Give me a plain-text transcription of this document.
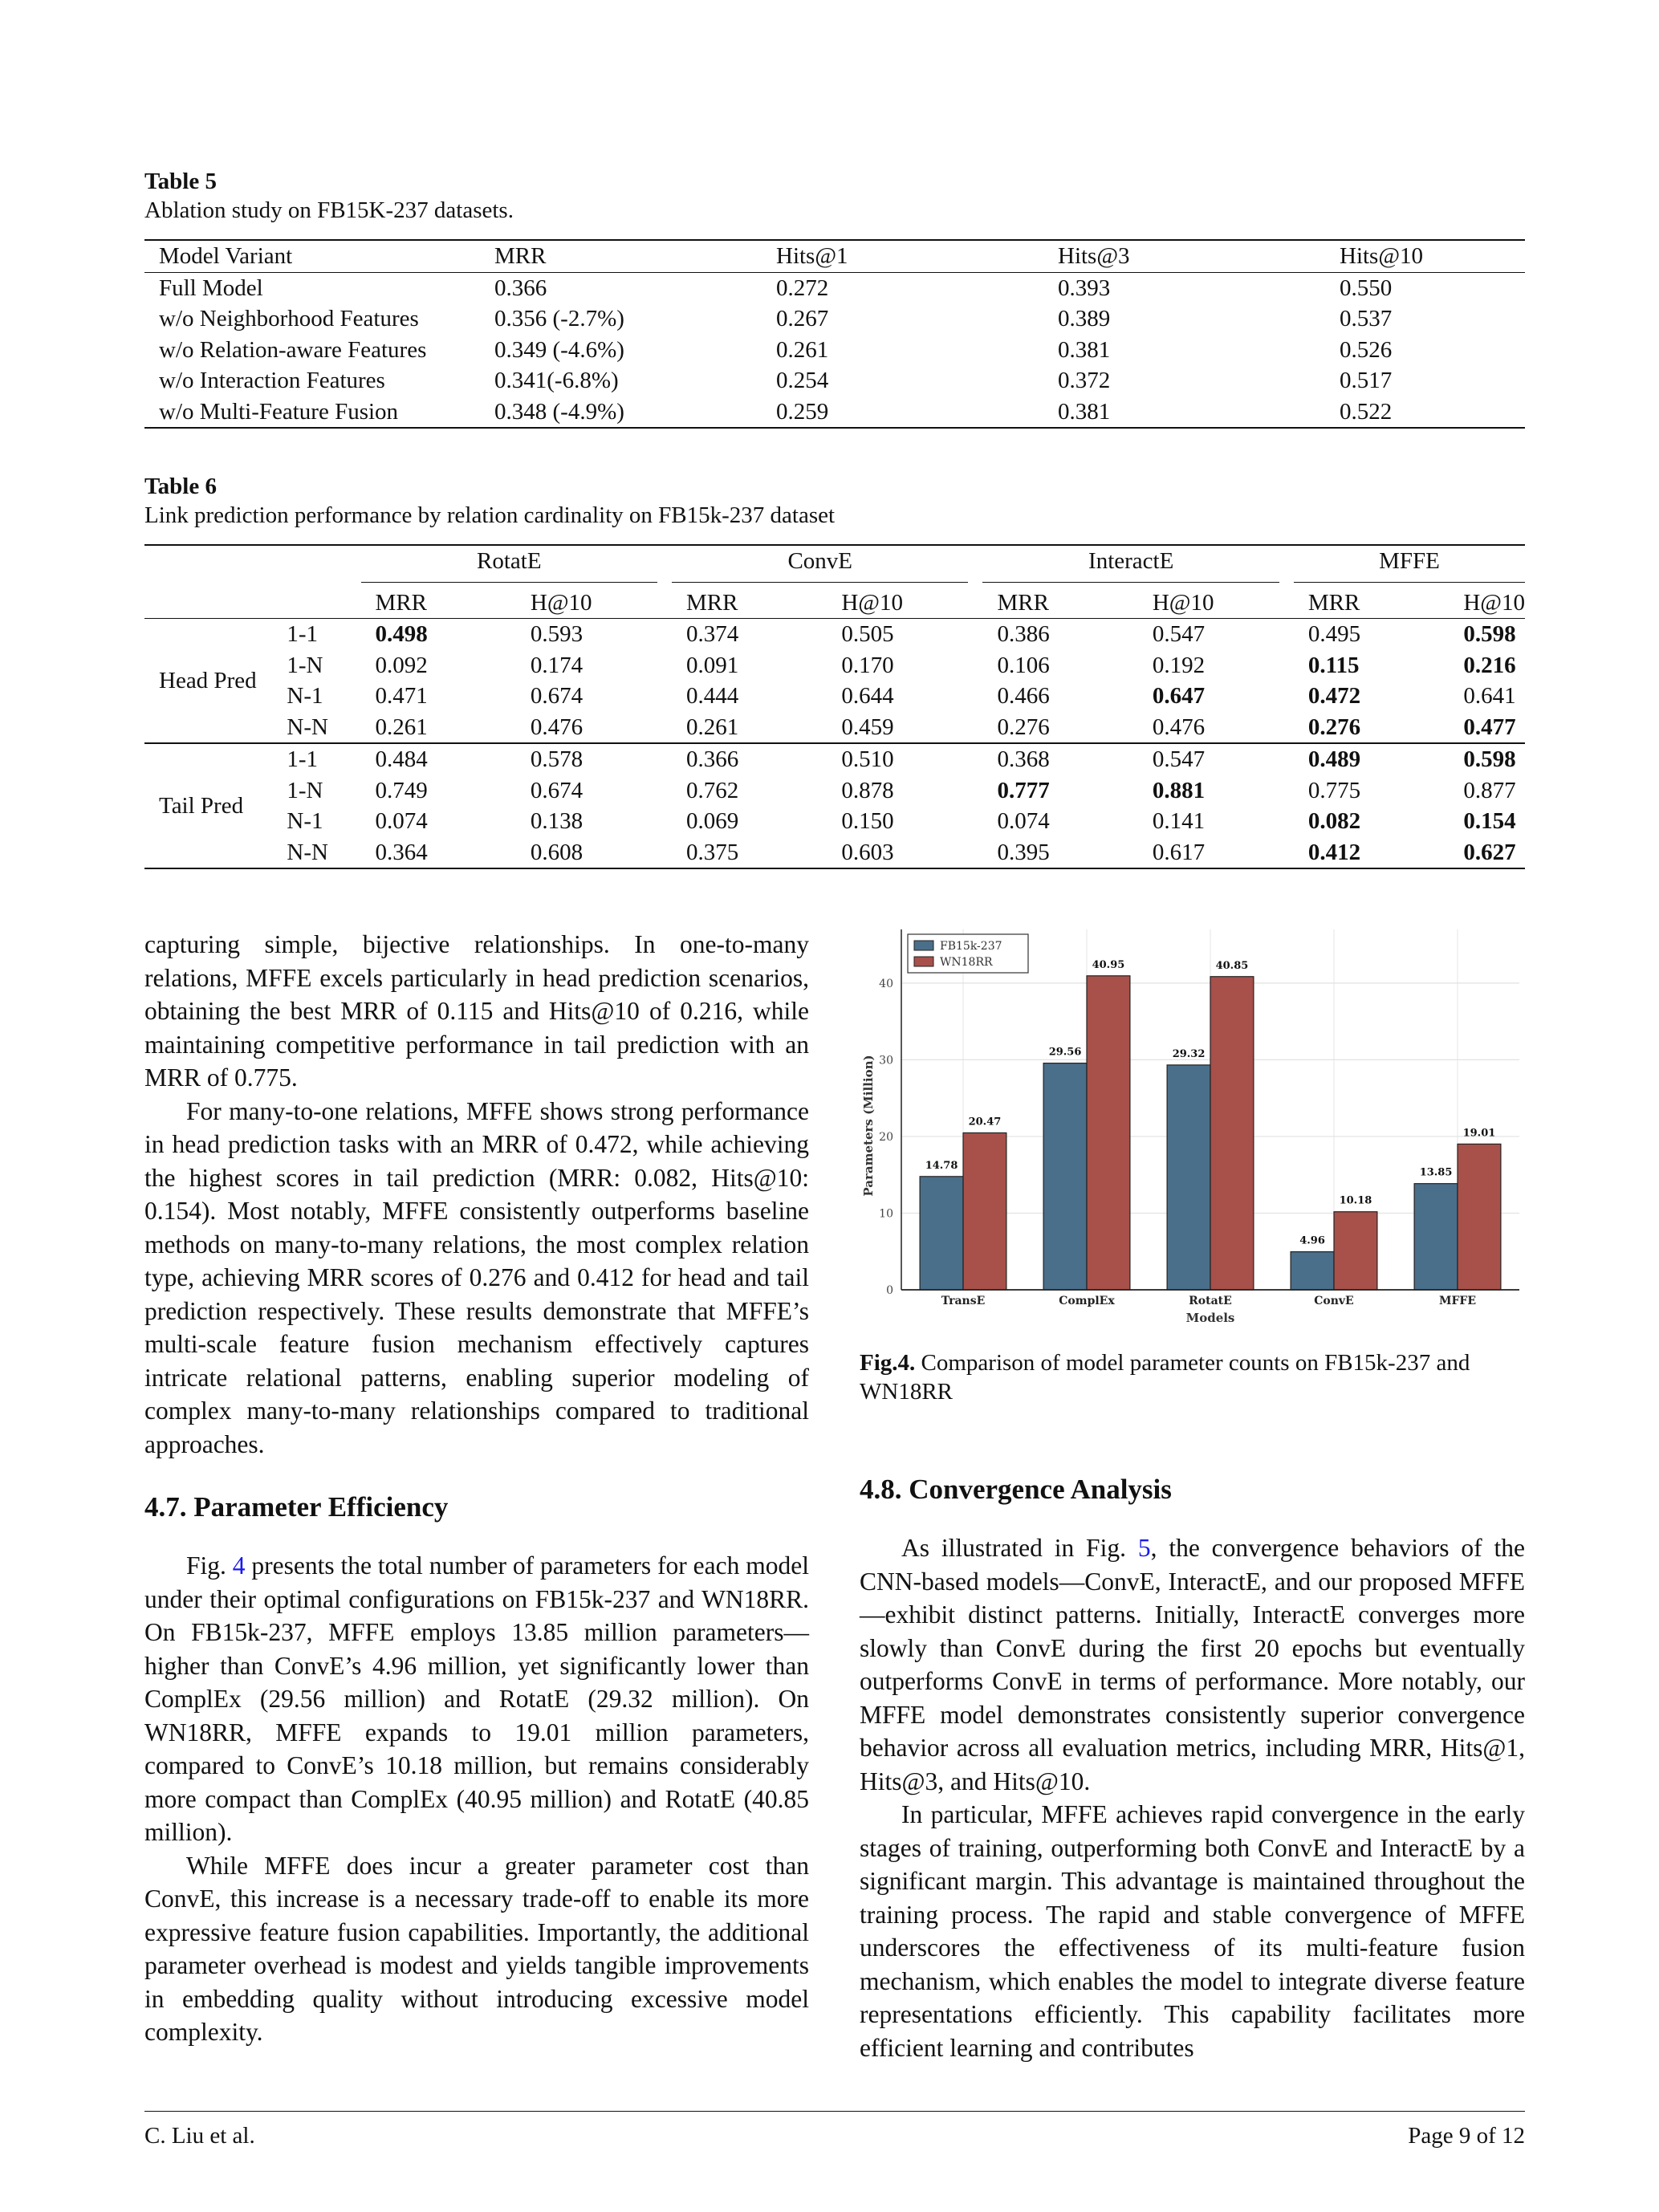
Table 5
Ablation study on FB15K-237 datasets.
Model Variant	MRR	Hits@1	Hits@3	Hits@10
Full Model	0.366	0.272	0.393	0.550
w/o Neighborhood Features	0.356 (-2.7%)	0.267	0.389	0.537
w/o Relation-aware Features	0.349 (-4.6%)	0.261	0.381	0.526
w/o Interaction Features	0.341(-6.8%)	0.254	0.372	0.517
w/o Multi-Feature Fusion	0.348 (-4.9%)	0.259	0.381	0.522
Table 6
Link prediction performance by relation cardinality on FB15k-237 dataset

		RotatE		ConvE		InteractE		MFFE	

		MRR	H@10	MRR	H@10	MRR	H@10	MRR	H@10
Head Pred	1-1	0.498	0.593	0.374	0.505	0.386	0.547	0.495	0.598
	1-N	0.092	0.174	0.091	0.170	0.106	0.192	0.115	0.216
	N-1	0.471	0.674	0.444	0.644	0.466	0.647	0.472	0.641
	N-N	0.261	0.476	0.261	0.459	0.276	0.476	0.276	0.477
Tail Pred	1-1	0.484	0.578	0.366	0.510	0.368	0.547	0.489	0.598
	1-N	0.749	0.674	0.762	0.878	0.777	0.881	0.775	0.877
	N-1	0.074	0.138	0.069	0.150	0.074	0.141	0.082	0.154
	N-N	0.364	0.608	0.375	0.603	0.395	0.617	0.412	0.627

capturing simple, bijective relationships. In one-to-many relations, MFFE excels particularly in head prediction scenarios, obtaining the best MRR of 0.115 and Hits@10 of 0.216, while maintaining competitive performance in tail prediction with an MRR of 0.775.

For many-to-one relations, MFFE shows strong performance in head prediction tasks with an MRR of 0.472, while achieving the highest scores in tail prediction (MRR: 0.082, Hits@10: 0.154). Most notably, MFFE consistently outperforms baseline methods on many-to-many relations, the most complex relation type, achieving MRR scores of 0.276 and 0.412 for head and tail prediction respectively. These results demonstrate that MFFE’s multi-scale feature fusion mechanism effectively captures intricate relational patterns, enabling superior modeling of complex many-to-many relationships compared to traditional approaches.

4.7. Parameter Efficiency

Fig. 4 presents the total number of parameters for each model under their optimal configurations on FB15k-237 and WN18RR. On FB15k-237, MFFE employs 13.85 million parameters—higher than ConvE’s 4.96 million, yet significantly lower than ComplEx (29.56 million) and RotatE (29.32 million). On WN18RR, MFFE expands to 19.01 million parameters, compared to ConvE’s 10.18 million, but remains considerably more compact than ComplEx (40.95 million) and RotatE (40.85 million).

While MFFE does incur a greater parameter cost than ConvE, this increase is a necessary trade-off to enable its more expressive feature fusion capabilities. Importantly, the additional parameter overhead is modest and yields tangible improvements in embedding quality without introducing excessive model complexity.

0
10
20
30
40
14.78
20.47
TransE
29.56
40.95
ComplEx
29.32
40.85
RotatE
4.96
10.18
ConvE
13.85
19.01
MFFE
Models
Parameters (Million)
FB15k-237
WN18RR

Fig.4. Comparison of model parameter counts on FB15k-237 and WN18RR

4.8. Convergence Analysis

As illustrated in Fig. 5, the convergence behaviors of the CNN-based models—ConvE, InteractE, and our proposed MFFE—exhibit distinct patterns. Initially, InteractE converges more slowly than ConvE during the first 20 epochs but eventually outperforms ConvE in terms of performance. More notably, our MFFE model demonstrates consistently superior convergence behavior across all evaluation metrics, including MRR, Hits@1, Hits@3, and Hits@10.

In particular, MFFE achieves rapid convergence in the early stages of training, outperforming both ConvE and InteractE by a significant margin. This advantage is maintained throughout the training process. The rapid and stable convergence of MFFE underscores the effectiveness of its multi-feature fusion mechanism, which enables the model to integrate diverse feature representations efficiently. This capability facilitates more efficient learning and contributes

C. Liu et al.	Page 9 of 12
